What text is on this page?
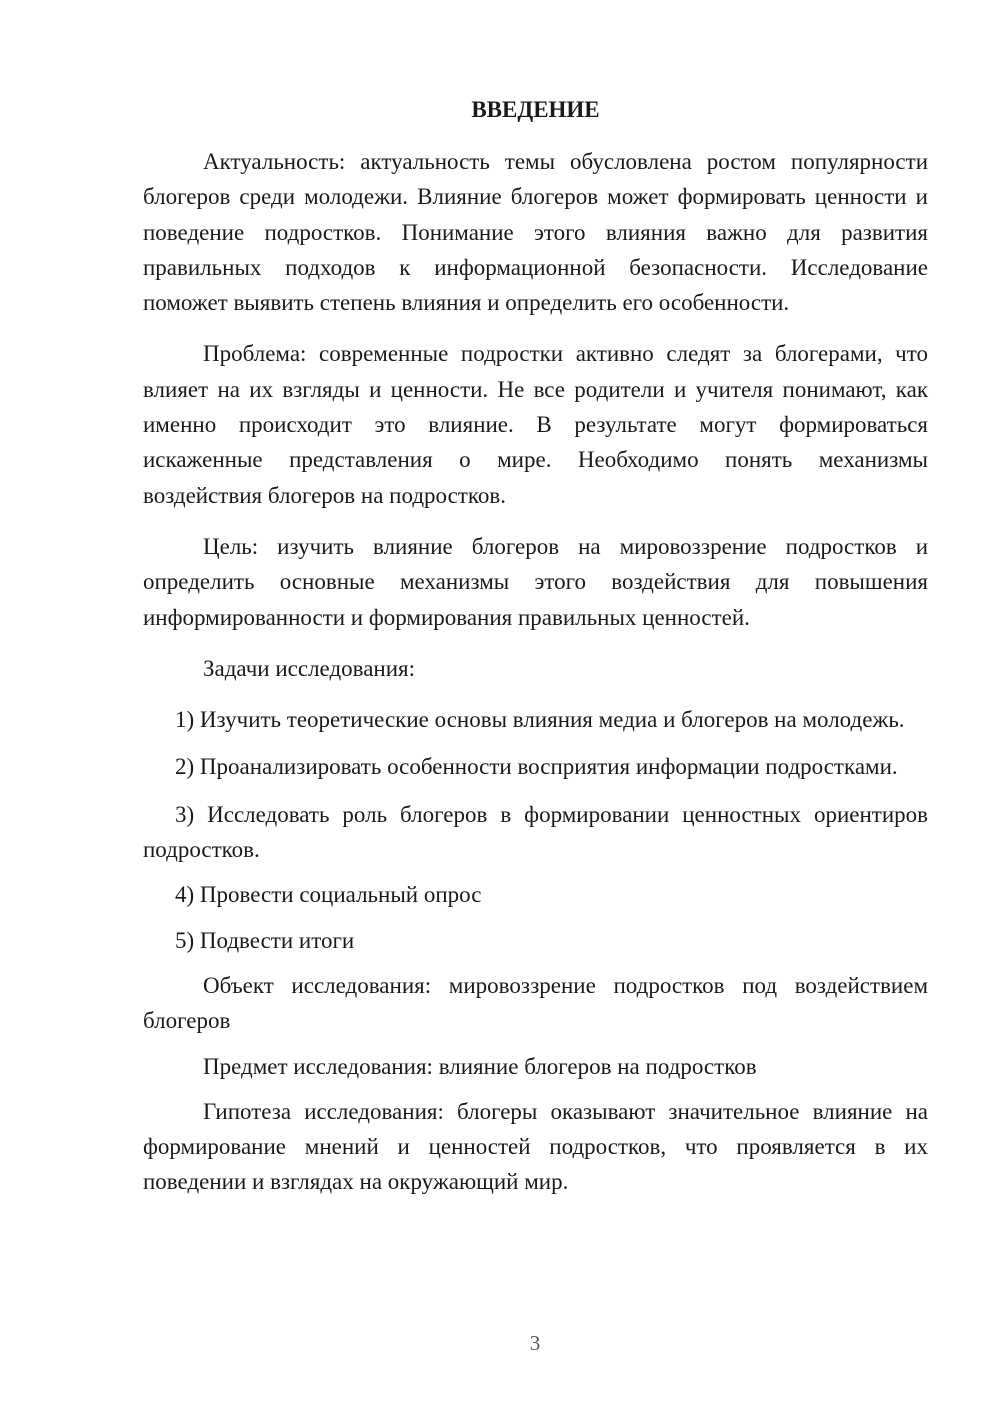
ВВЕДЕНИЕ

Актуальность: актуальность темы обусловлена ростом популярности блогеров среди молодежи. Влияние блогеров может формировать ценности и поведение подростков. Понимание этого влияния важно для развития правильных подходов к информационной безопасности. Исследование поможет выявить степень влияния и определить его особенности.

Проблема: современные подростки активно следят за блогерами, что влияет на их взгляды и ценности. Не все родители и учителя понимают, как именно происходит это влияние. В результате могут формироваться искаженные представления о мире. Необходимо понять механизмы воздействия блогеров на подростков.

Цель: изучить влияние блогеров на мировоззрение подростков и определить основные механизмы этого воздействия для повышения информированности и формирования правильных ценностей.

Задачи исследования:

1) Изучить теоретические основы влияния медиа и блогеров на молодежь.

2) Проанализировать особенности восприятия информации подростками.

3) Исследовать роль блогеров в формировании ценностных ориентиров подростков.

4) Провести социальный опрос

5) Подвести итоги

Объект исследования: мировоззрение подростков под воздействием блогеров

Предмет исследования: влияние блогеров на подростков

Гипотеза исследования: блогеры оказывают значительное влияние на формирование мнений и ценностей подростков, что проявляется в их поведении и взглядах на окружающий мир.

3
